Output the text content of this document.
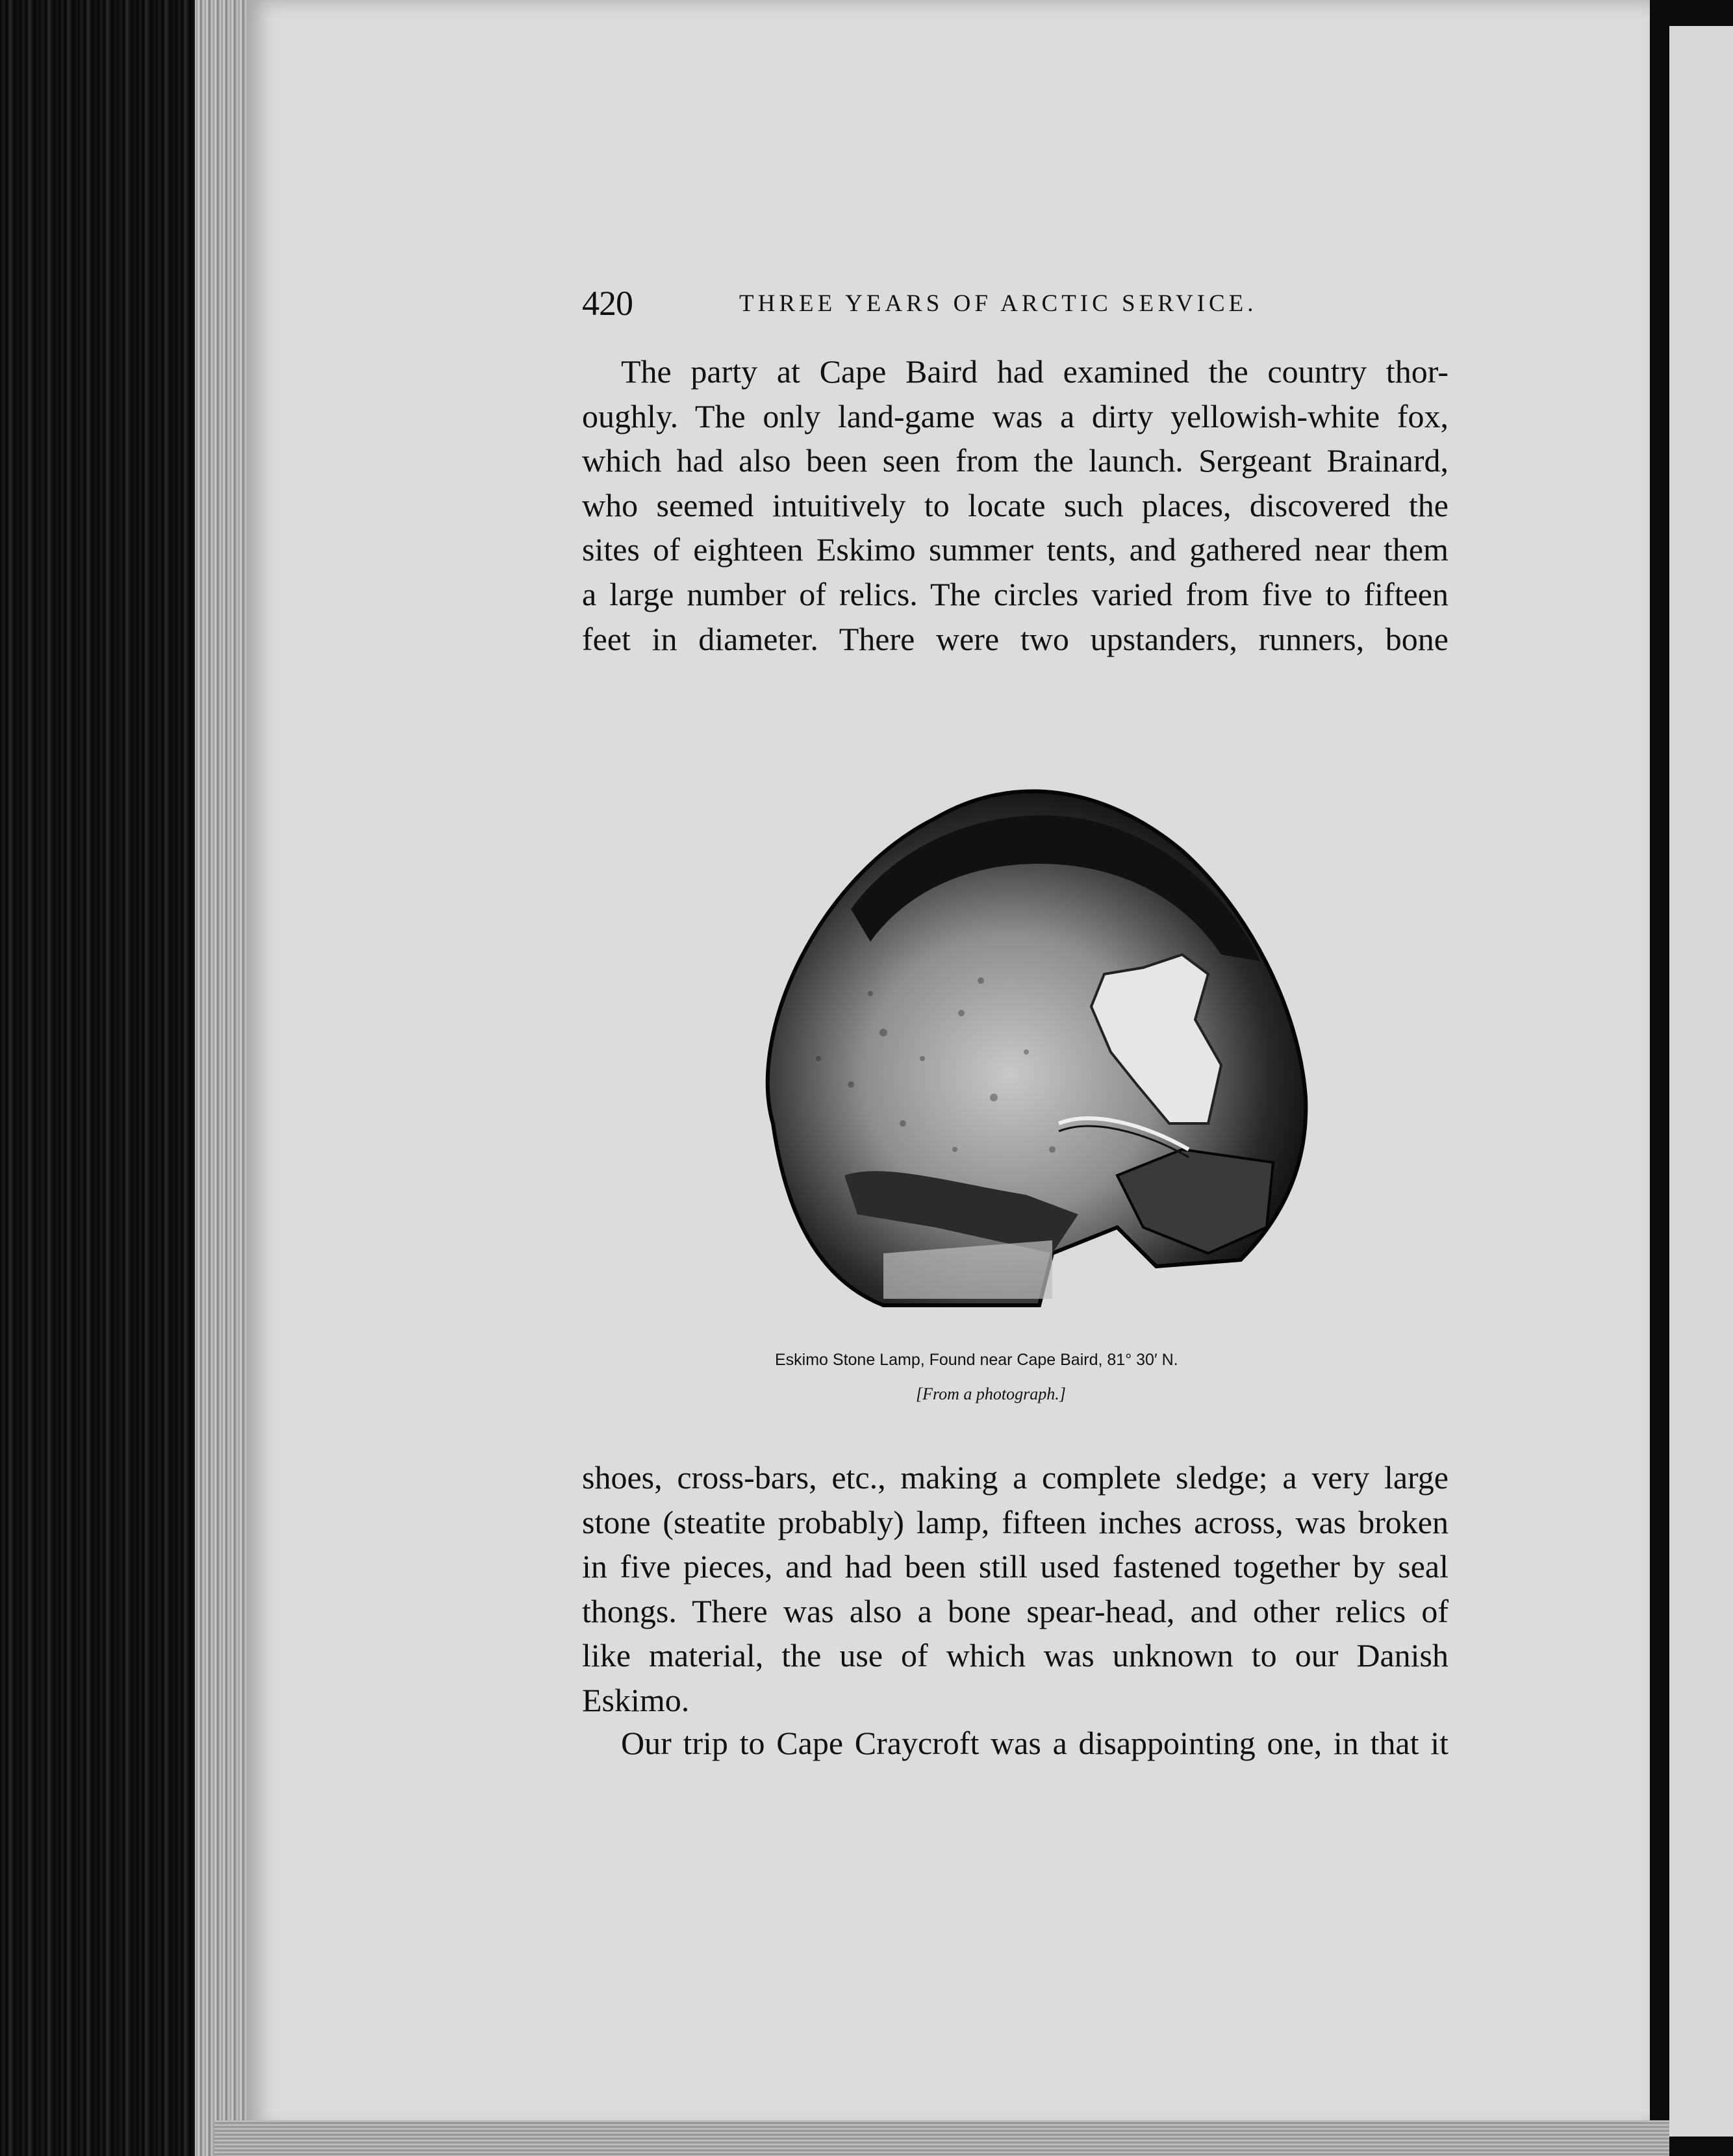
420	THREE YEARS OF ARCTIC SERVICE.
The party at Cape Baird had examined the country thor-
oughly. The only land-game was a dirty yellowish-white fox,
which had also been seen from the launch. Sergeant Brainard,
who seemed intuitively to locate such places, discovered the
sites of eighteen Eskimo summer tents, and gathered near them
a large number of relics. The circles varied from five to fifteen
feet in diameter. There were two upstanders, runners, bone
Eskimo Stone Lamp, Found near Cape Baird, 81° 30′ N.
[From a photograph.]
shoes, cross-bars, etc., making a complete sledge; a very large
stone (steatite probably) lamp, fifteen inches across, was broken
in five pieces, and had been still used fastened together by seal
thongs. There was also a bone spear-head, and other relics of
like material, the use of which was unknown to our Danish
Eskimo.
Our trip to Cape Craycroft was a disappointing one, in that it
